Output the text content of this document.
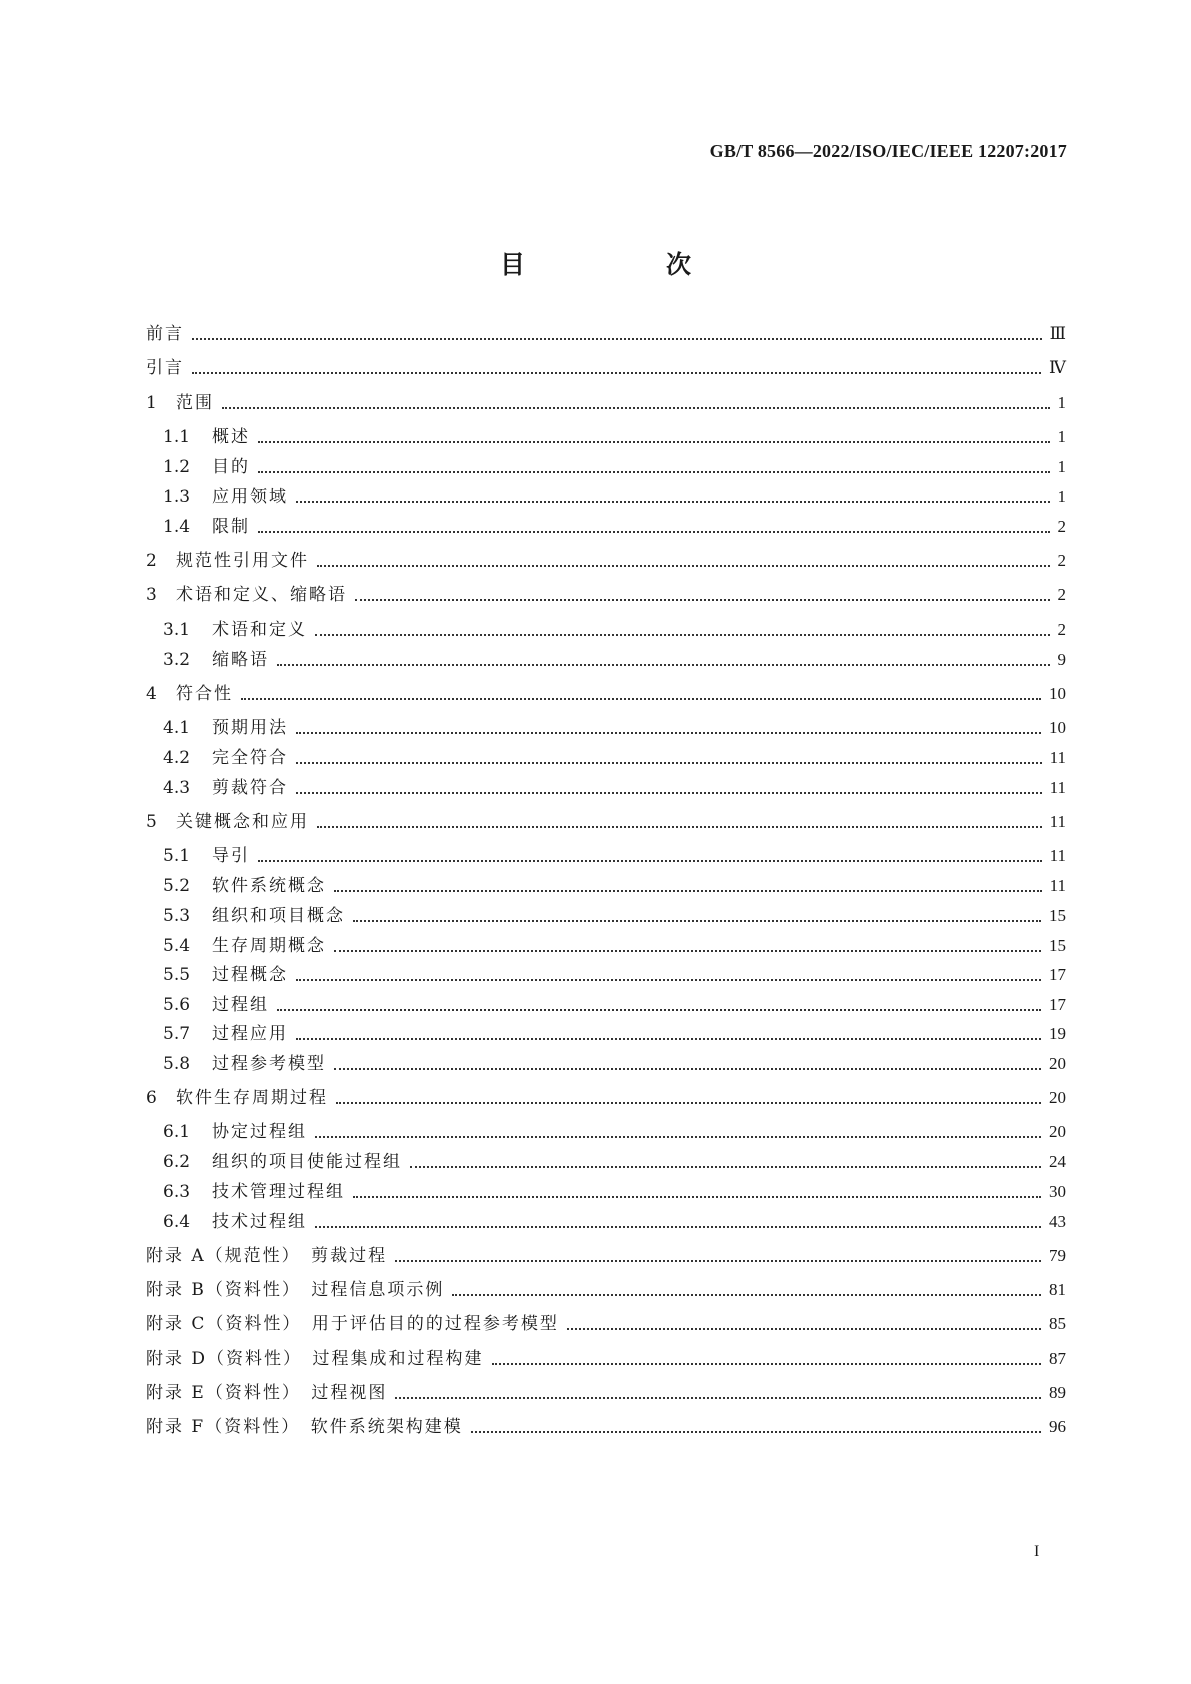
GB/T 8566—2022/ISO/IEC/IEEE 12207:2017
目　次
前言	Ⅲ
引言	Ⅳ
1	范围	1
1.1	概述	1
1.2	目的	1
1.3	应用领域	1
1.4	限制	2
2	规范性引用文件	2
3	术语和定义、缩略语	2
3.1	术语和定义	2
3.2	缩略语	9
4	符合性	10
4.1	预期用法	10
4.2	完全符合	11
4.3	剪裁符合	11
5	关键概念和应用	11
5.1	导引	11
5.2	软件系统概念	11
5.3	组织和项目概念	15
5.4	生存周期概念	15
5.5	过程概念	17
5.6	过程组	17
5.7	过程应用	19
5.8	过程参考模型	20
6	软件生存周期过程	20
6.1	协定过程组	20
6.2	组织的项目使能过程组	24
6.3	技术管理过程组	30
6.4	技术过程组	43
附录 A（规范性）　剪裁过程	79
附录 B（资料性）　过程信息项示例	81
附录 C（资料性）　用于评估目的的过程参考模型	85
附录 D（资料性）　过程集成和过程构建	87
附录 E（资料性）　过程视图	89
附录 F（资料性）　软件系统架构建模	96
I
